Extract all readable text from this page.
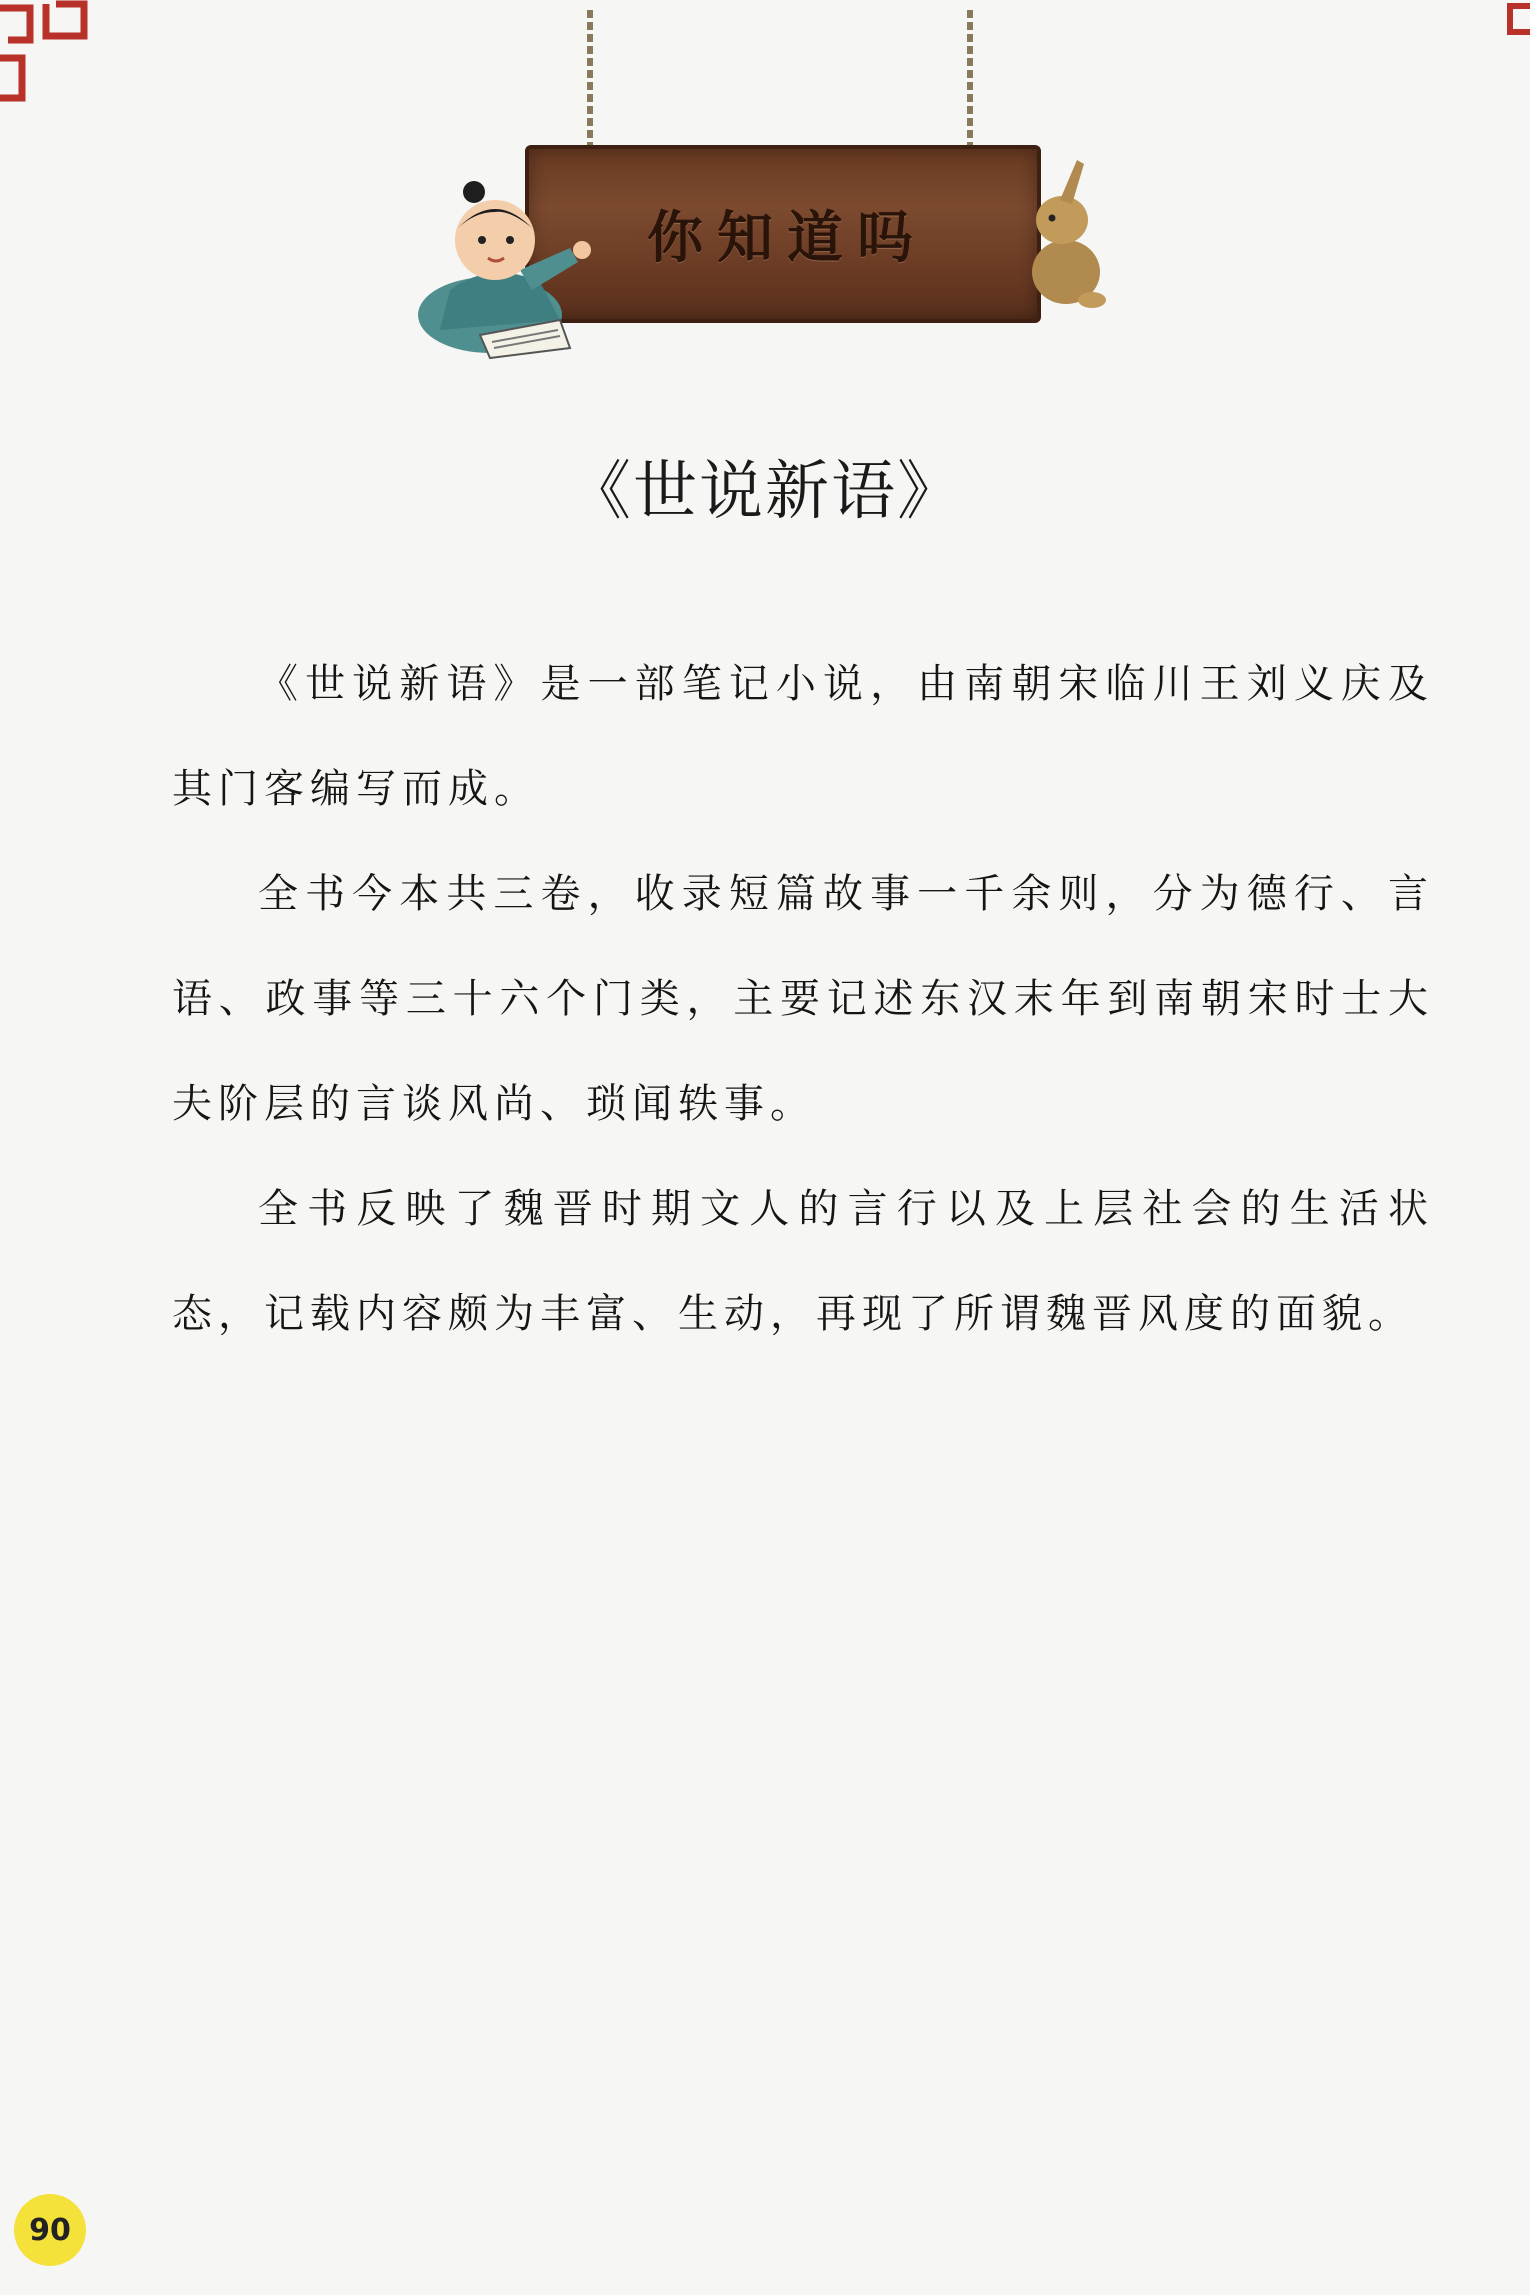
你知道吗
《世说新语》

《世说新语》是一部笔记小说，由南朝宋临川王刘义庆及其门客编写而成。

全书今本共三卷，收录短篇故事一千余则，分为德行、言语、政事等三十六个门类，主要记述东汉末年到南朝宋时士大夫阶层的言谈风尚、琐闻轶事。

全书反映了魏晋时期文人的言行以及上层社会的生活状态，记载内容颇为丰富、生动，再现了所谓魏晋风度的面貌。

90
